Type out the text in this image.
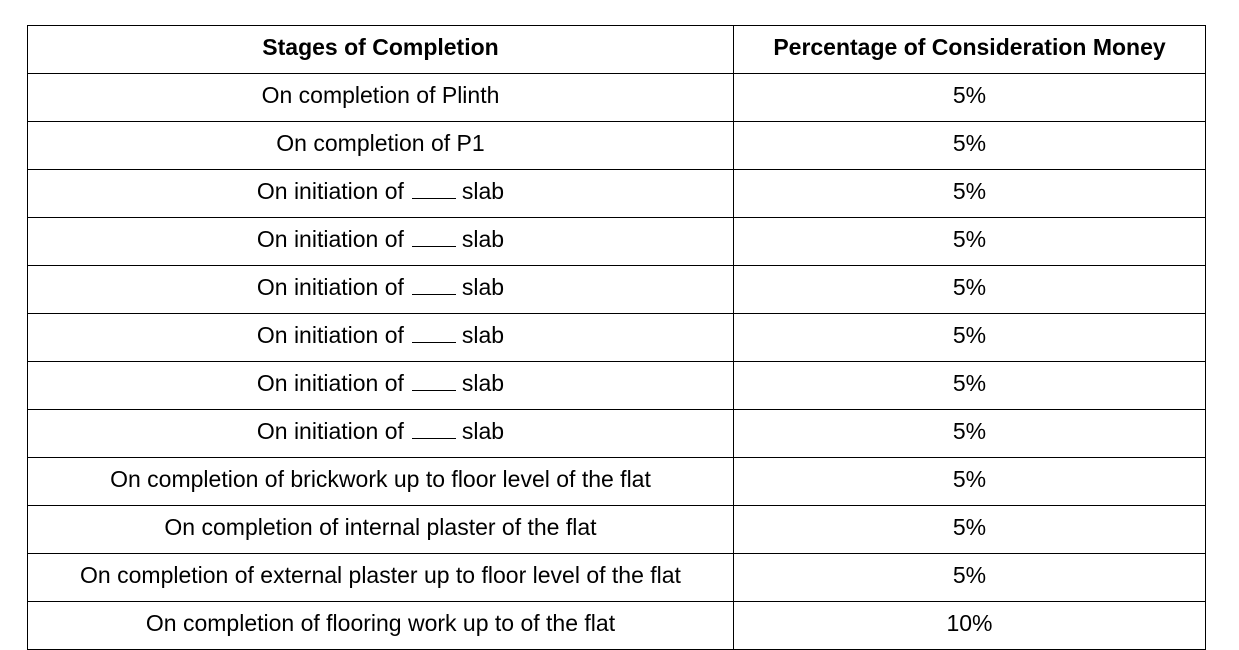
Stages of Completion	Percentage of Consideration Money
On completion of Plinth	5%
On completion of P1	5%
On initiation of slab	5%
On initiation of slab	5%
On initiation of slab	5%
On initiation of slab	5%
On initiation of slab	5%
On initiation of slab	5%
On completion of brickwork up to floor level of the flat	5%
On completion of internal plaster of the flat	5%
On completion of external plaster up to floor level of the flat	5%
On completion of flooring work up to of the flat	10%
